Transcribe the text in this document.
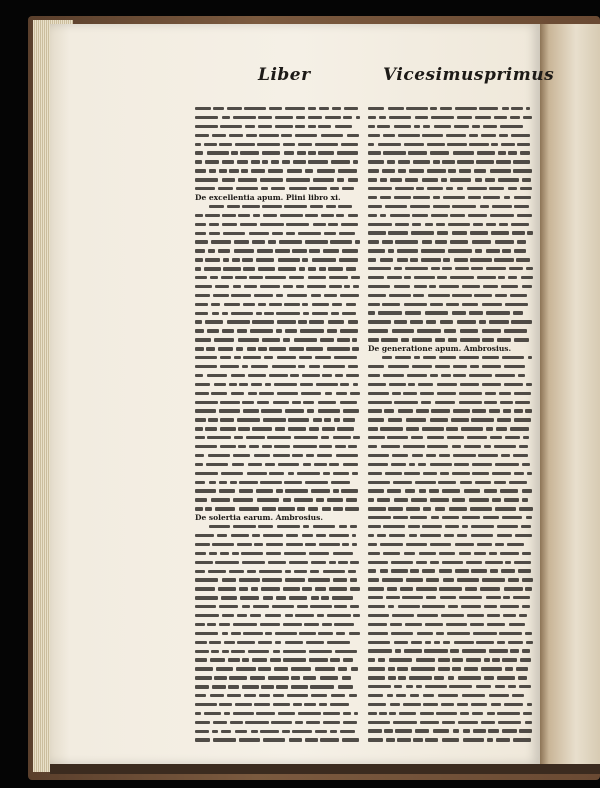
Liber	Vicesimusprimus
De excellentia apum. Plini libro xi.
De solertia earum. Ambrosius.
De generatione apum. Ambrosius.
